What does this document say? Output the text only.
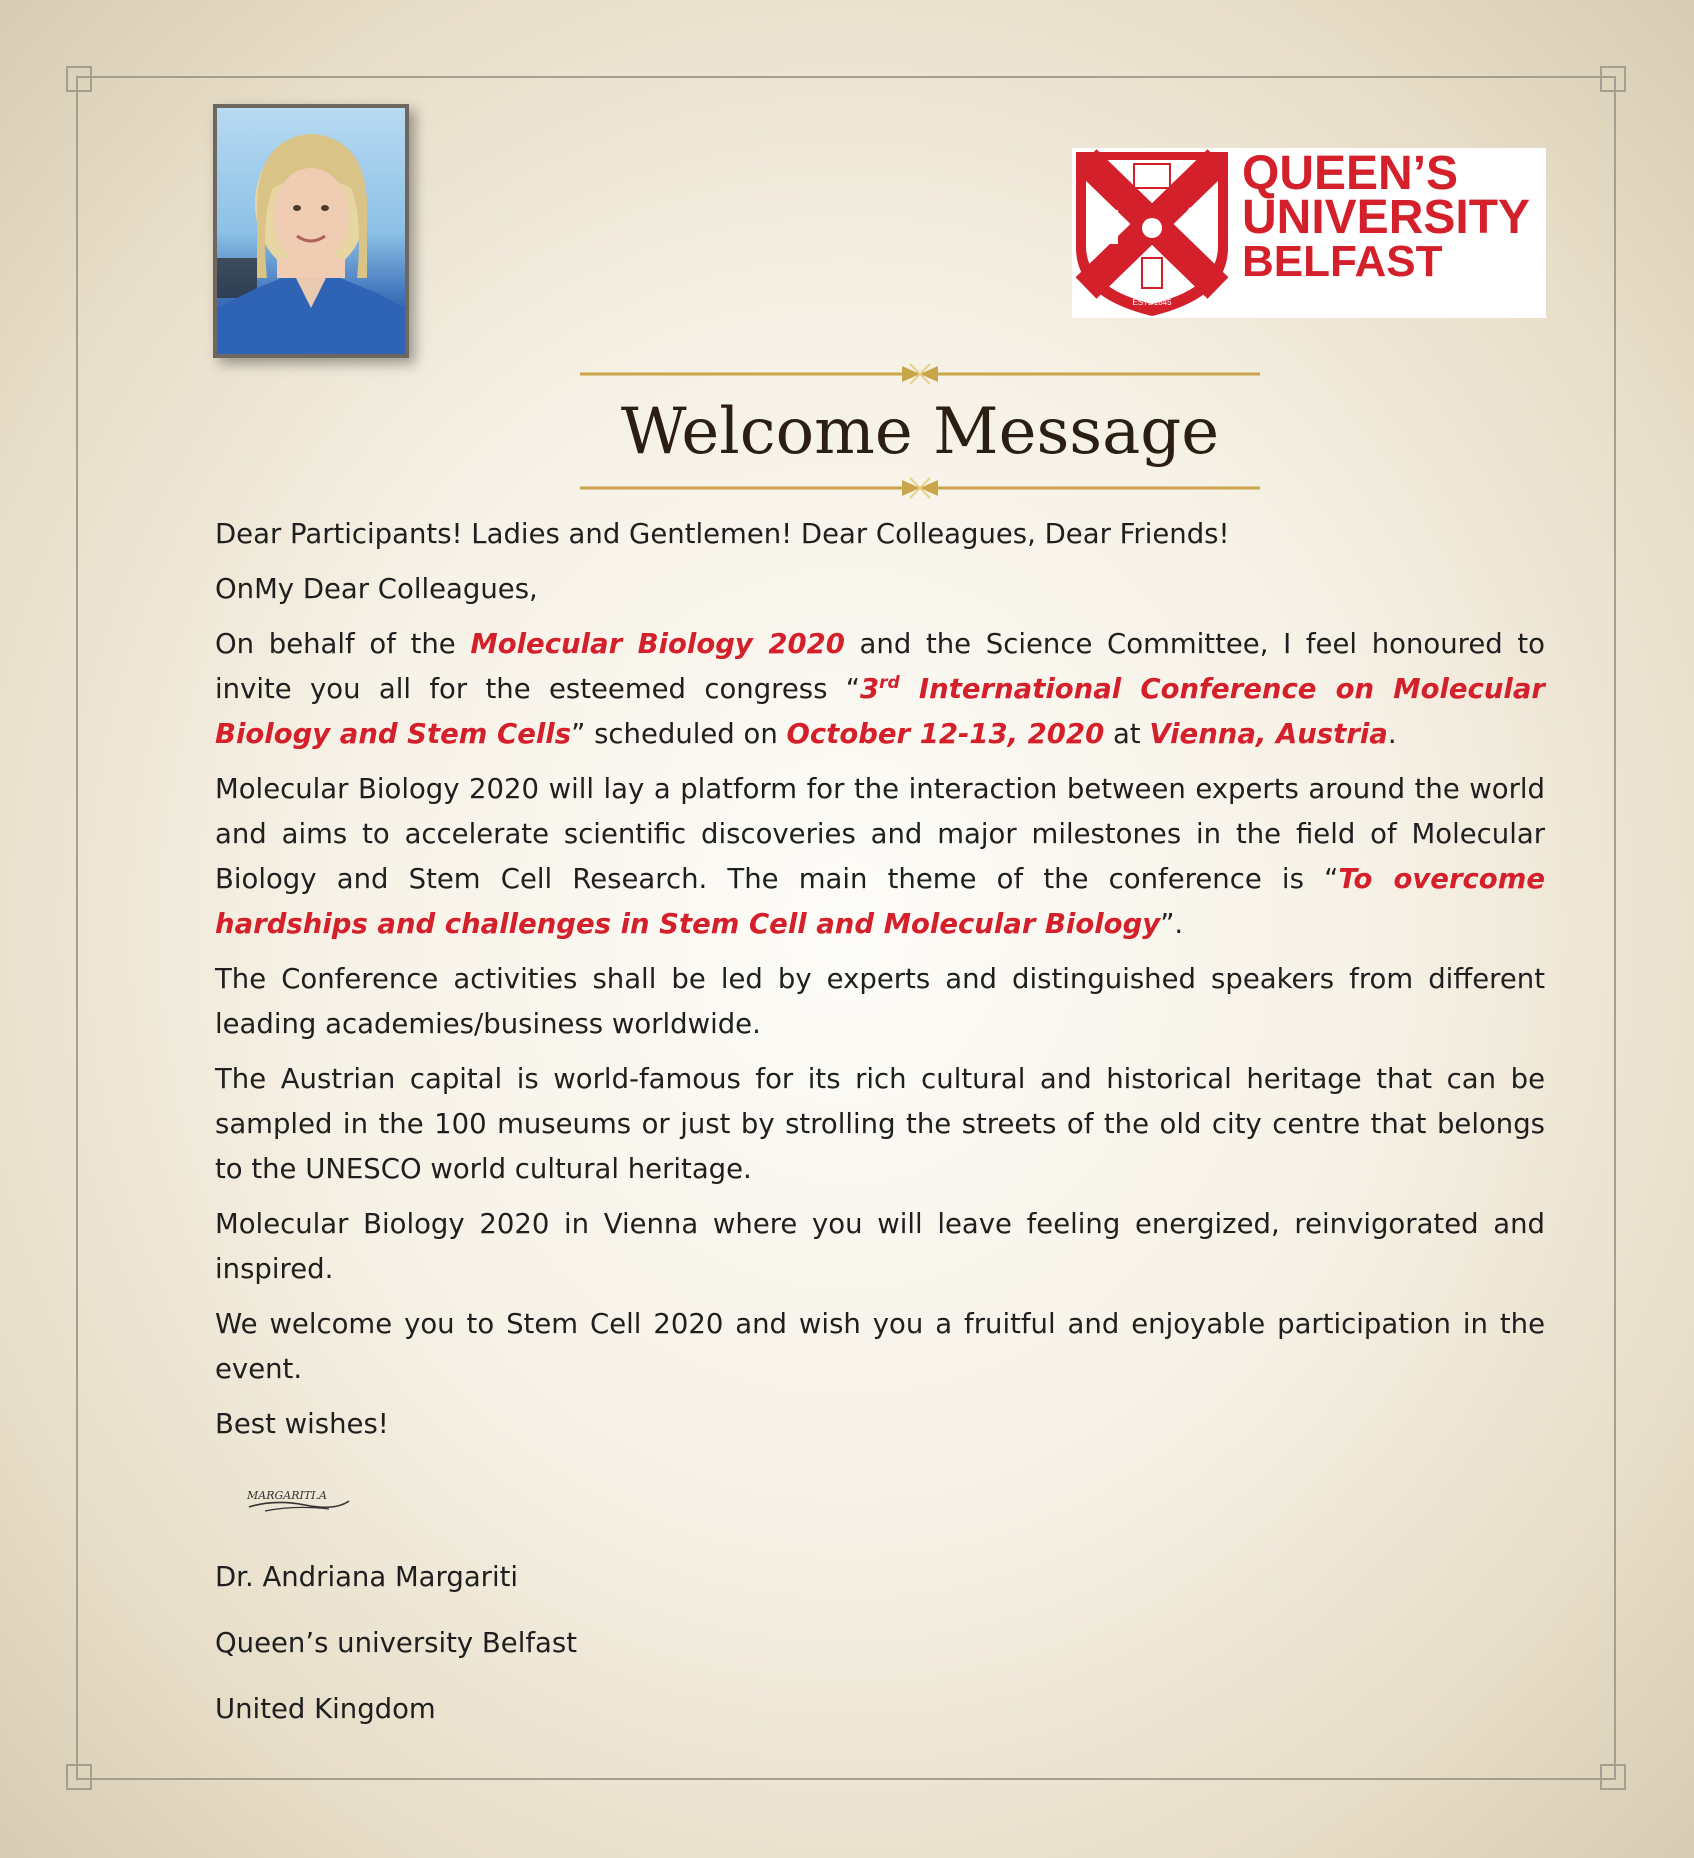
ESTD1845
QUEEN’S
UNIVERSITY
BELFAST
Welcome Message

Dear Participants! Ladies and Gentlemen! Dear Colleagues, Dear Friends!

OnMy Dear Colleagues,

On behalf of the Molecular Biology 2020 and the Science Committee, I feel honoured to invite you all for the esteemed congress “3rd International Conference on Molecular Biology and Stem Cells” scheduled on October 12-13, 2020 at Vienna, Austria.

Molecular Biology 2020 will lay a platform for the interaction between experts around the world and aims to accelerate scientific discoveries and major milestones in the field of Molecular Biology and Stem Cell Research. The main theme of the conference is “To overcome hardships and challenges in Stem Cell and Molecular Biology”.

The Conference activities shall be led by experts and distinguished speakers from different leading academies/business worldwide.

The Austrian capital is world-famous for its rich cultural and historical heritage that can be sampled in the 100 museums or just by strolling the streets of the old city centre that belongs to the UNESCO world cultural heritage.

Molecular Biology 2020 in Vienna where you will leave feeling energized, reinvigorated and inspired.

We welcome you to Stem Cell 2020 and wish you a fruitful and enjoyable participation in the event.

Best wishes!

MARGARITI.A

Dr. Andriana Margariti

Queen’s university Belfast

United Kingdom
